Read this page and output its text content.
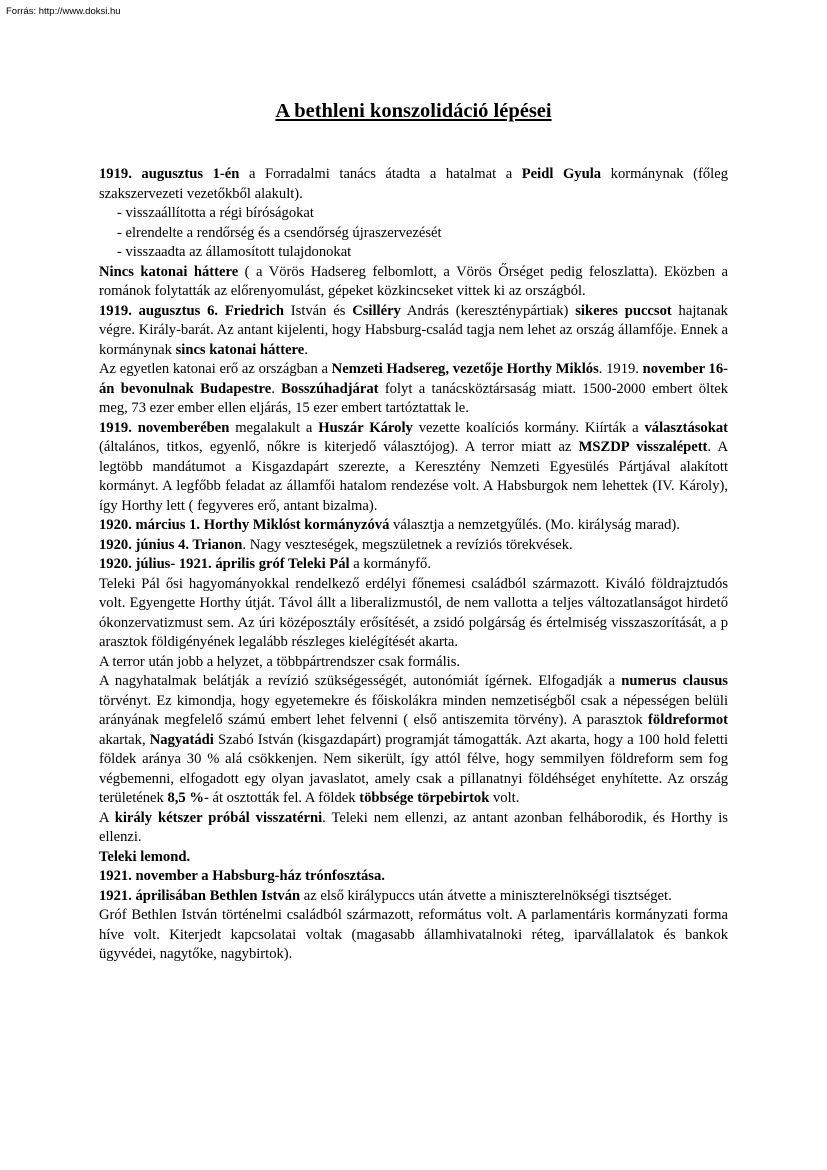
Forrás: http://www.doksi.hu
A bethleni konszolidáció lépései

1919. augusztus 1-én a Forradalmi tanács átadta a hatalmat a Peidl Gyula kormánynak (főleg szakszervezeti vezetőkből alakult).

- visszaállította a régi bíróságokat

- elrendelte a rendőrség és a csendőrség újraszervezését

- visszaadta az államosított tulajdonokat

Nincs katonai háttere ( a Vörös Hadsereg felbomlott, a Vörös Őrséget pedig feloszlatta). Eközben a románok folytatták az előrenyomulást, gépeket közkincseket vittek ki az országból.

1919. augusztus 6. Friedrich István és Csilléry András (kereszténypártiak) sikeres puccsot hajtanak végre. Király-barát. Az antant kijelenti, hogy Habsburg-család tagja nem lehet az ország államfője. Ennek a kormánynak sincs katonai háttere.

Az egyetlen katonai erő az országban a Nemzeti Hadsereg, vezetője Horthy Miklós. 1919. november 16-án bevonulnak Budapestre. Bosszúhadjárat folyt a tanácsköztársaság miatt. 1500-2000 embert öltek meg, 73 ezer ember ellen eljárás, 15 ezer embert tartóztattak le.

1919. novemberében megalakult a Huszár Károly vezette koalíciós kormány. Kiírták a választásokat (általános, titkos, egyenlő, nőkre is kiterjedő választójog). A terror miatt az MSZDP visszalépett. A legtöbb mandátumot a Kisgazdapárt szerezte, a Keresztény Nemzeti Egyesülés Pártjával alakított kormányt. A legfőbb feladat az államfői hatalom rendezése volt. A Habsburgok nem lehettek (IV. Károly), így Horthy lett ( fegyveres erő, antant bizalma).

1920. március 1. Horthy Miklóst kormányzóvá választja a nemzetgyűlés. (Mo. királyság marad).

1920. június 4. Trianon. Nagy veszteségek, megszületnek a revíziós törekvések.

1920. július- 1921. április gróf Teleki Pál a kormányfő.

Teleki Pál ősi hagyományokkal rendelkező erdélyi főnemesi családból származott. Kiváló földrajztudós volt. Egyengette Horthy útját. Távol állt a liberalizmustól, de nem vallotta a teljes változatlanságot hirdető ókonzervatizmust sem. Az úri középosztály erősítését, a zsidó polgárság és értelmiség visszaszorítását, a p arasztok földigényének legalább részleges kielégítését akarta.

A terror után jobb a helyzet, a többpártrendszer csak formális.

A nagyhatalmak belátják a revízió szükségességét, autonómiát ígérnek. Elfogadják a numerus clausus törvényt. Ez kimondja, hogy egyetemekre és főiskolákra minden nemzetiségből csak a népességen belüli arányának megfelelő számú embert lehet felvenni ( első antiszemita törvény). A parasztok földreformot akartak, Nagyatádi Szabó István (kisgazdapárt) programját támogatták. Azt akarta, hogy a 100 hold feletti földek aránya 30 % alá csökkenjen. Nem sikerült, így attól félve, hogy semmilyen földreform sem fog végbemenni, elfogadott egy olyan javaslatot, amely csak a pillanatnyi földéhséget enyhítette. Az ország területének 8,5 %- át osztották fel. A földek többsége törpebirtok volt.

A király kétszer próbál visszatérni. Teleki nem ellenzi, az antant azonban felháborodik, és Horthy is ellenzi.

Teleki lemond.

1921. november a Habsburg-ház trónfosztása.

1921. áprilisában Bethlen István az első királypuccs után átvette a miniszterelnökségi tisztséget.

Gróf Bethlen István történelmi családból származott, református volt. A parlamentáris kormányzati forma híve volt. Kiterjedt kapcsolatai voltak (magasabb államhivatalnoki réteg, iparvállalatok és bankok ügyvédei, nagytőke, nagybirtok).
